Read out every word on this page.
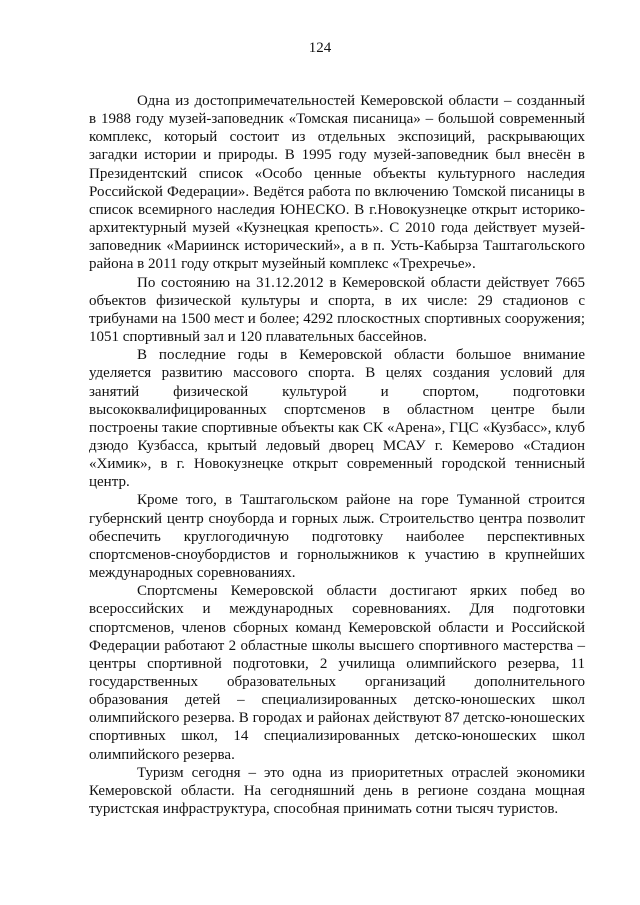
124

Одна из достопримечательностей Кемеровской области – созданный в 1988 году музей-заповедник «Томская писаница» – большой современный комплекс, который состоит из отдельных экспозиций, раскрывающих загадки истории и природы. В 1995 году музей-заповедник был внесён в Президентский список «Особо ценные объекты культурного наследия Российской Федерации». Ведётся работа по включению Томской писаницы в список всемирного наследия ЮНЕСКО. В г.Новокузнецке открыт историко-архитектурный музей «Кузнецкая крепость». С 2010 года действует музей-заповедник «Мариинск исторический», а в п. Усть-Кабырза Таштагольского района в 2011 году открыт музейный комплекс «Трехречье».

По состоянию на 31.12.2012 в Кемеровской области действует 7665 объектов физической культуры и спорта, в их числе: 29 стадионов с трибунами на 1500 мест и более; 4292 плоскостных спортивных сооружения; 1051 спортивный зал и 120 плавательных бассейнов.

В последние годы в Кемеровской области большое внимание уделяется развитию массового спорта. В целях создания условий для занятий физической культурой и спортом, подготовки высококвалифицированных спортсменов в областном центре были построены такие спортивные объекты как СК «Арена», ГЦС «Кузбасс», клуб дзюдо Кузбасса, крытый ледовый дворец МСАУ г. Кемерово «Стадион «Химик», в г. Новокузнецке открыт современный городской теннисный центр.

Кроме того, в Таштагольском районе на горе Туманной строится губернский центр сноуборда и горных лыж. Строительство центра позволит обеспечить круглогодичную подготовку наиболее перспективных спортсменов-сноубордистов и горнолыжников к участию в крупнейших международных соревнованиях.

Спортсмены Кемеровской области достигают ярких побед во всероссийских и международных соревнованиях. Для подготовки спортсменов, членов сборных команд Кемеровской области и Российской Федерации работают 2 областные школы высшего спортивного мастерства – центры спортивной подготовки, 2 училища олимпийского резерва, 11 государственных образовательных организаций дополнительного образования детей – специализированных детско-юношеских школ олимпийского резерва. В городах и районах действуют 87 детско-юношеских спортивных школ, 14 специализированных детско-юношеских школ олимпийского резерва.

Туризм сегодня – это одна из приоритетных отраслей экономики Кемеровской области. На сегодняшний день в регионе создана мощная туристская инфраструктура, способная принимать сотни тысяч туристов.
